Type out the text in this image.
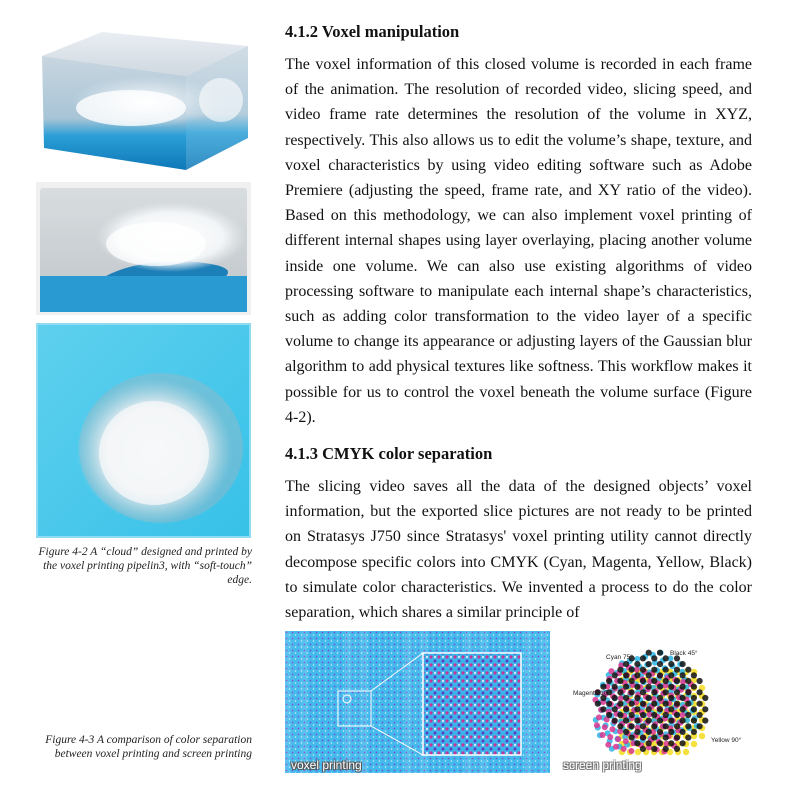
Figure 4-2 A “cloud” designed and printed by the voxel printing pipelin3, with “soft-touch” edge.
4.1.2 Voxel manipulation
The voxel information of this closed volume is recorded in each frame of the animation. The resolution of recorded video, slicing speed, and video frame rate determines the resolution of the volume in XYZ, respectively. This also allows us to edit the volume’s shape, texture, and voxel characteristics by using video editing software such as Adobe Premiere (adjusting the speed, frame rate, and XY ratio of the video). Based on this methodology, we can also implement voxel printing of different internal shapes using layer overlaying, placing another volume inside one volume. We can also use existing algorithms of video processing software to manipulate each internal shape’s characteristics, such as adding color transformation to the video layer of a specific volume to change its appearance or adjusting layers of the Gaussian blur algorithm to add physical textures like softness. This workflow makes it possible for us to control the voxel beneath the volume surface (Figure 4-2).
4.1.3 CMYK color separation
The slicing video saves all the data of the designed objects’ voxel information, but the exported slice pictures are not ready to be printed on Stratasys J750 since Stratasys' voxel printing utility cannot directly decompose specific colors into CMYK (Cyan, Magenta, Yellow, Black) to simulate color characteristics. We invented a process to do the color separation, which shares a similar principle of
voxel printing
Cyan 75°
Black 45°
Magenta 105°
Yellow 90°
screen printing
Figure 4-3 A comparison of color separation between voxel printing and screen printing
